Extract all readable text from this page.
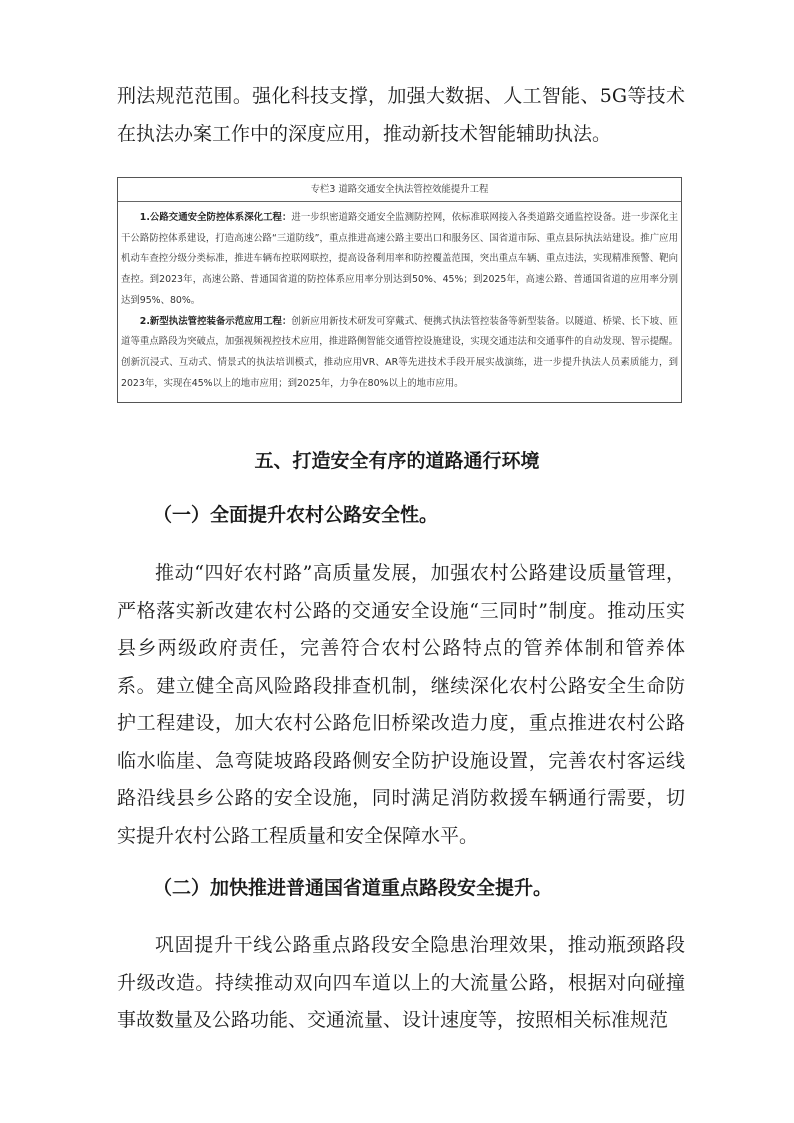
刑法规范范围。强化科技支撑，加强大数据、人工智能、5G等技术在执法办案工作中的深度应用，推动新技术智能辅助执法。

专栏3 道路交通安全执法管控效能提升工程

1.公路交通安全防控体系深化工程：进一步织密道路交通安全监测防控网，依标准联网接入各类道路交通监控设备。进一步深化主干公路防控体系建设，打造高速公路“三道防线”，重点推进高速公路主要出口和服务区、国省道市际、重点县际执法站建设。推广应用机动车查控分级分类标准，推进车辆布控联网联控，提高设备利用率和防控覆盖范围，突出重点车辆、重点违法，实现精准预警、靶向查控。到2023年，高速公路、普通国省道的防控体系应用率分别达到50%、45%；到2025年，高速公路、普通国省道的应用率分别达到95%、80%。

2.新型执法管控装备示范应用工程：创新应用新技术研发可穿戴式、便携式执法管控装备等新型装备。以隧道、桥梁、长下坡、匝道等重点路段为突破点，加强视频视控技术应用，推进路侧智能交通管控设施建设，实现交通违法和交通事件的自动发现、智示提醒。创新沉浸式、互动式、情景式的执法培训模式，推动应用VR、AR等先进技术手段开展实战演练，进一步提升执法人员素质能力，到2023年，实现在45%以上的地市应用；到2025年，力争在80%以上的地市应用。

五、打造安全有序的道路通行环境
（一）全面提升农村公路安全性。

推动“四好农村路”高质量发展，加强农村公路建设质量管理，严格落实新改建农村公路的交通安全设施“三同时”制度。推动压实县乡两级政府责任，完善符合农村公路特点的管养体制和管养体系。建立健全高风险路段排查机制，继续深化农村公路安全生命防护工程建设，加大农村公路危旧桥梁改造力度，重点推进农村公路临水临崖、急弯陡坡路段路侧安全防护设施设置，完善农村客运线路沿线县乡公路的安全设施，同时满足消防救援车辆通行需要，切实提升农村公路工程质量和安全保障水平。

（二）加快推进普通国省道重点路段安全提升。

巩固提升干线公路重点路段安全隐患治理效果，推动瓶颈路段升级改造。持续推动双向四车道以上的大流量公路，根据对向碰撞事故数量及公路功能、交通流量、设计速度等，按照相关标准规范
